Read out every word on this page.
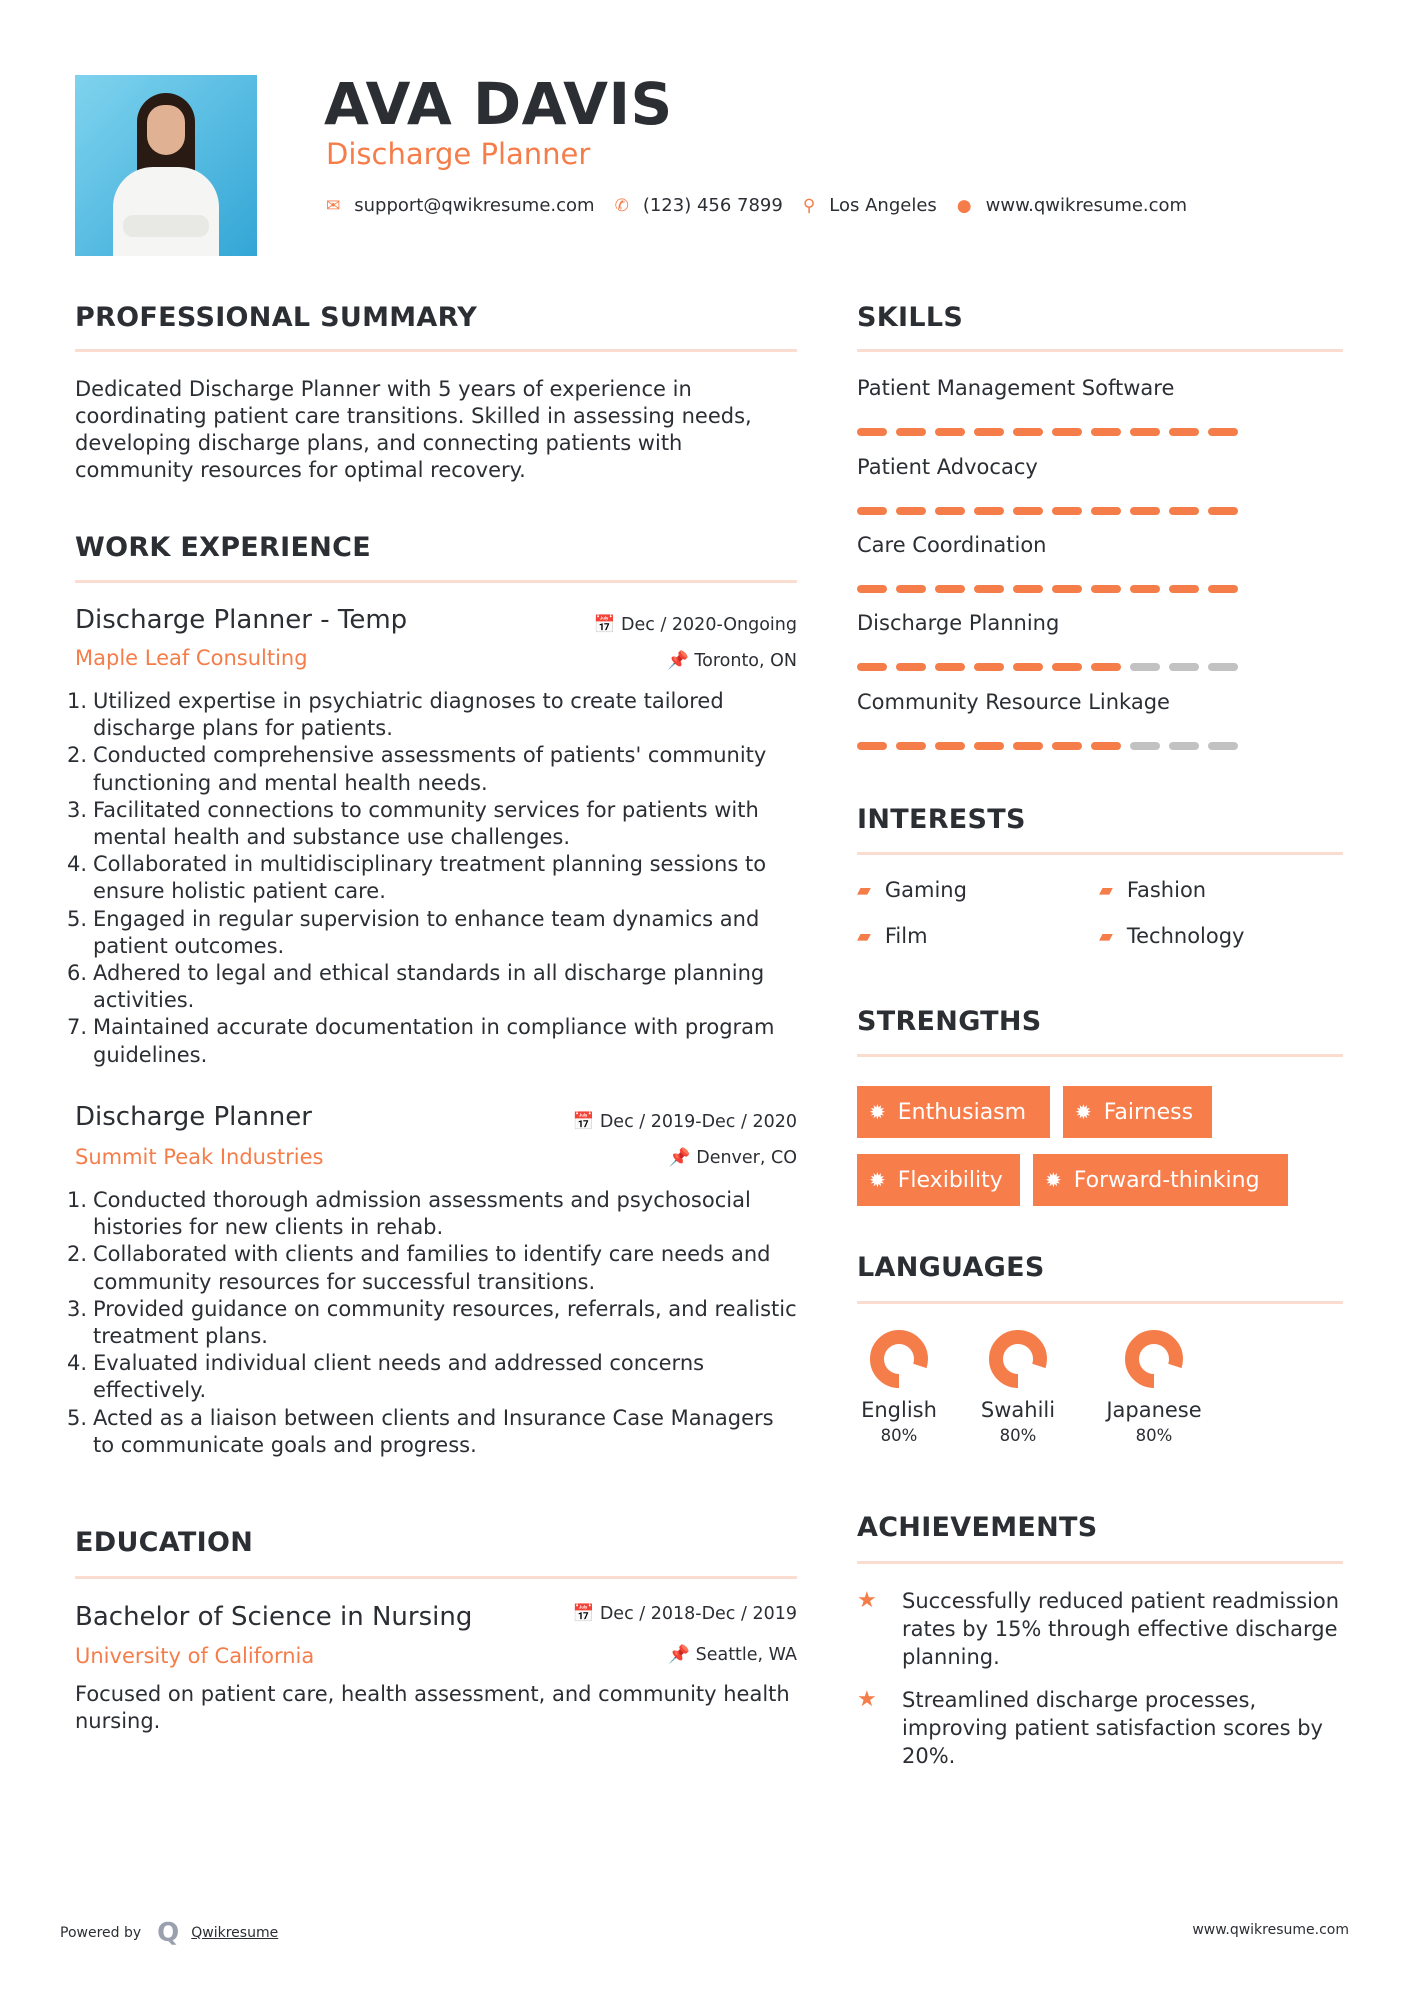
AVA DAVIS
Discharge Planner
✉ support@qwikresume.com ✆ (123) 456 7899 ⚲ Los Angeles ● www.qwikresume.com
PROFESSIONAL SUMMARY
Dedicated Discharge Planner with 5 years of experience in coordinating patient care transitions. Skilled in assessing needs, developing discharge plans, and connecting patients with community resources for optimal recovery.
WORK EXPERIENCE
Discharge Planner - Temp	📅 Dec / 2020-Ongoing
Maple Leaf Consulting	📌 Toronto, ON
1. Utilized expertise in psychiatric diagnoses to create tailored discharge plans for patients.
2. Conducted comprehensive assessments of patients' community functioning and mental health needs.
3. Facilitated connections to community services for patients with mental health and substance use challenges.
4. Collaborated in multidisciplinary treatment planning sessions to ensure holistic patient care.
5. Engaged in regular supervision to enhance team dynamics and patient outcomes.
6. Adhered to legal and ethical standards in all discharge planning activities.
7. Maintained accurate documentation in compliance with program guidelines.
Discharge Planner	📅 Dec / 2019-Dec / 2020
Summit Peak Industries	📌 Denver, CO
1. Conducted thorough admission assessments and psychosocial histories for new clients in rehab.
2. Collaborated with clients and families to identify care needs and community resources for successful transitions.
3. Provided guidance on community resources, referrals, and realistic treatment plans.
4. Evaluated individual client needs and addressed concerns effectively.
5. Acted as a liaison between clients and Insurance Case Managers to communicate goals and progress.
EDUCATION
Bachelor of Science in Nursing	📅 Dec / 2018-Dec / 2019
University of California	📌 Seattle, WA
Focused on patient care, health assessment, and community health nursing.
SKILLS
Patient Management Software
Patient Advocacy
Care Coordination
Discharge Planning
Community Resource Linkage
INTERESTS
▰ Gaming	▰ Fashion
▰ Film	▰ Technology
STRENGTHS
✹ Enthusiasm ✹ Fairness
✹ Flexibility ✹ Forward-thinking
LANGUAGES
English
80%
Swahili
80%
Japanese
80%
ACHIEVEMENTS
★	Successfully reduced patient readmission rates by 15% through effective discharge planning.
★	Streamlined discharge processes, improving patient satisfaction scores by 20%.
Powered by Q Qwikresume	www.qwikresume.com
